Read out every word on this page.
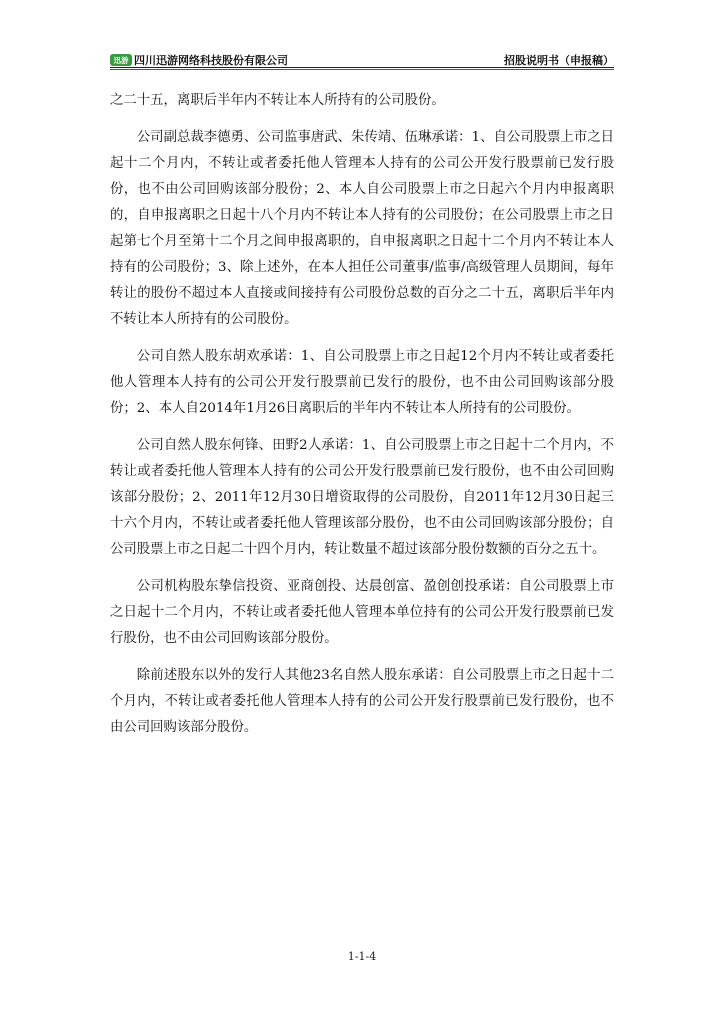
迅游 四川迅游网络科技股份有限公司	招股说明书（申报稿）

之二十五，离职后半年内不转让本人所持有的公司股份。

公司副总裁李德勇、公司监事唐武、朱传靖、伍琳承诺：1、自公司股票上市之日起十二个月内，不转让或者委托他人管理本人持有的公司公开发行股票前已发行股份，也不由公司回购该部分股份；2、本人自公司股票上市之日起六个月内申报离职的，自申报离职之日起十八个月内不转让本人持有的公司股份；在公司股票上市之日起第七个月至第十二个月之间申报离职的，自申报离职之日起十二个月内不转让本人持有的公司股份；3、除上述外，在本人担任公司董事/监事/高级管理人员期间，每年转让的股份不超过本人直接或间接持有公司股份总数的百分之二十五，离职后半年内不转让本人所持有的公司股份。

公司自然人股东胡欢承诺：1、自公司股票上市之日起12个月内不转让或者委托他人管理本人持有的公司公开发行股票前已发行的股份，也不由公司回购该部分股份；2、本人自2014年1月26日离职后的半年内不转让本人所持有的公司股份。

公司自然人股东何锋、田野2人承诺：1、自公司股票上市之日起十二个月内，不转让或者委托他人管理本人持有的公司公开发行股票前已发行股份，也不由公司回购该部分股份；2、2011年12月30日增资取得的公司股份，自2011年12月30日起三十六个月内，不转让或者委托他人管理该部分股份，也不由公司回购该部分股份；自公司股票上市之日起二十四个月内，转让数量不超过该部分股份数额的百分之五十。

公司机构股东挚信投资、亚商创投、达晨创富、盈创创投承诺：自公司股票上市之日起十二个月内，不转让或者委托他人管理本单位持有的公司公开发行股票前已发行股份，也不由公司回购该部分股份。

除前述股东以外的发行人其他23名自然人股东承诺：自公司股票上市之日起十二个月内，不转让或者委托他人管理本人持有的公司公开发行股票前已发行股份，也不由公司回购该部分股份。

1-1-4
